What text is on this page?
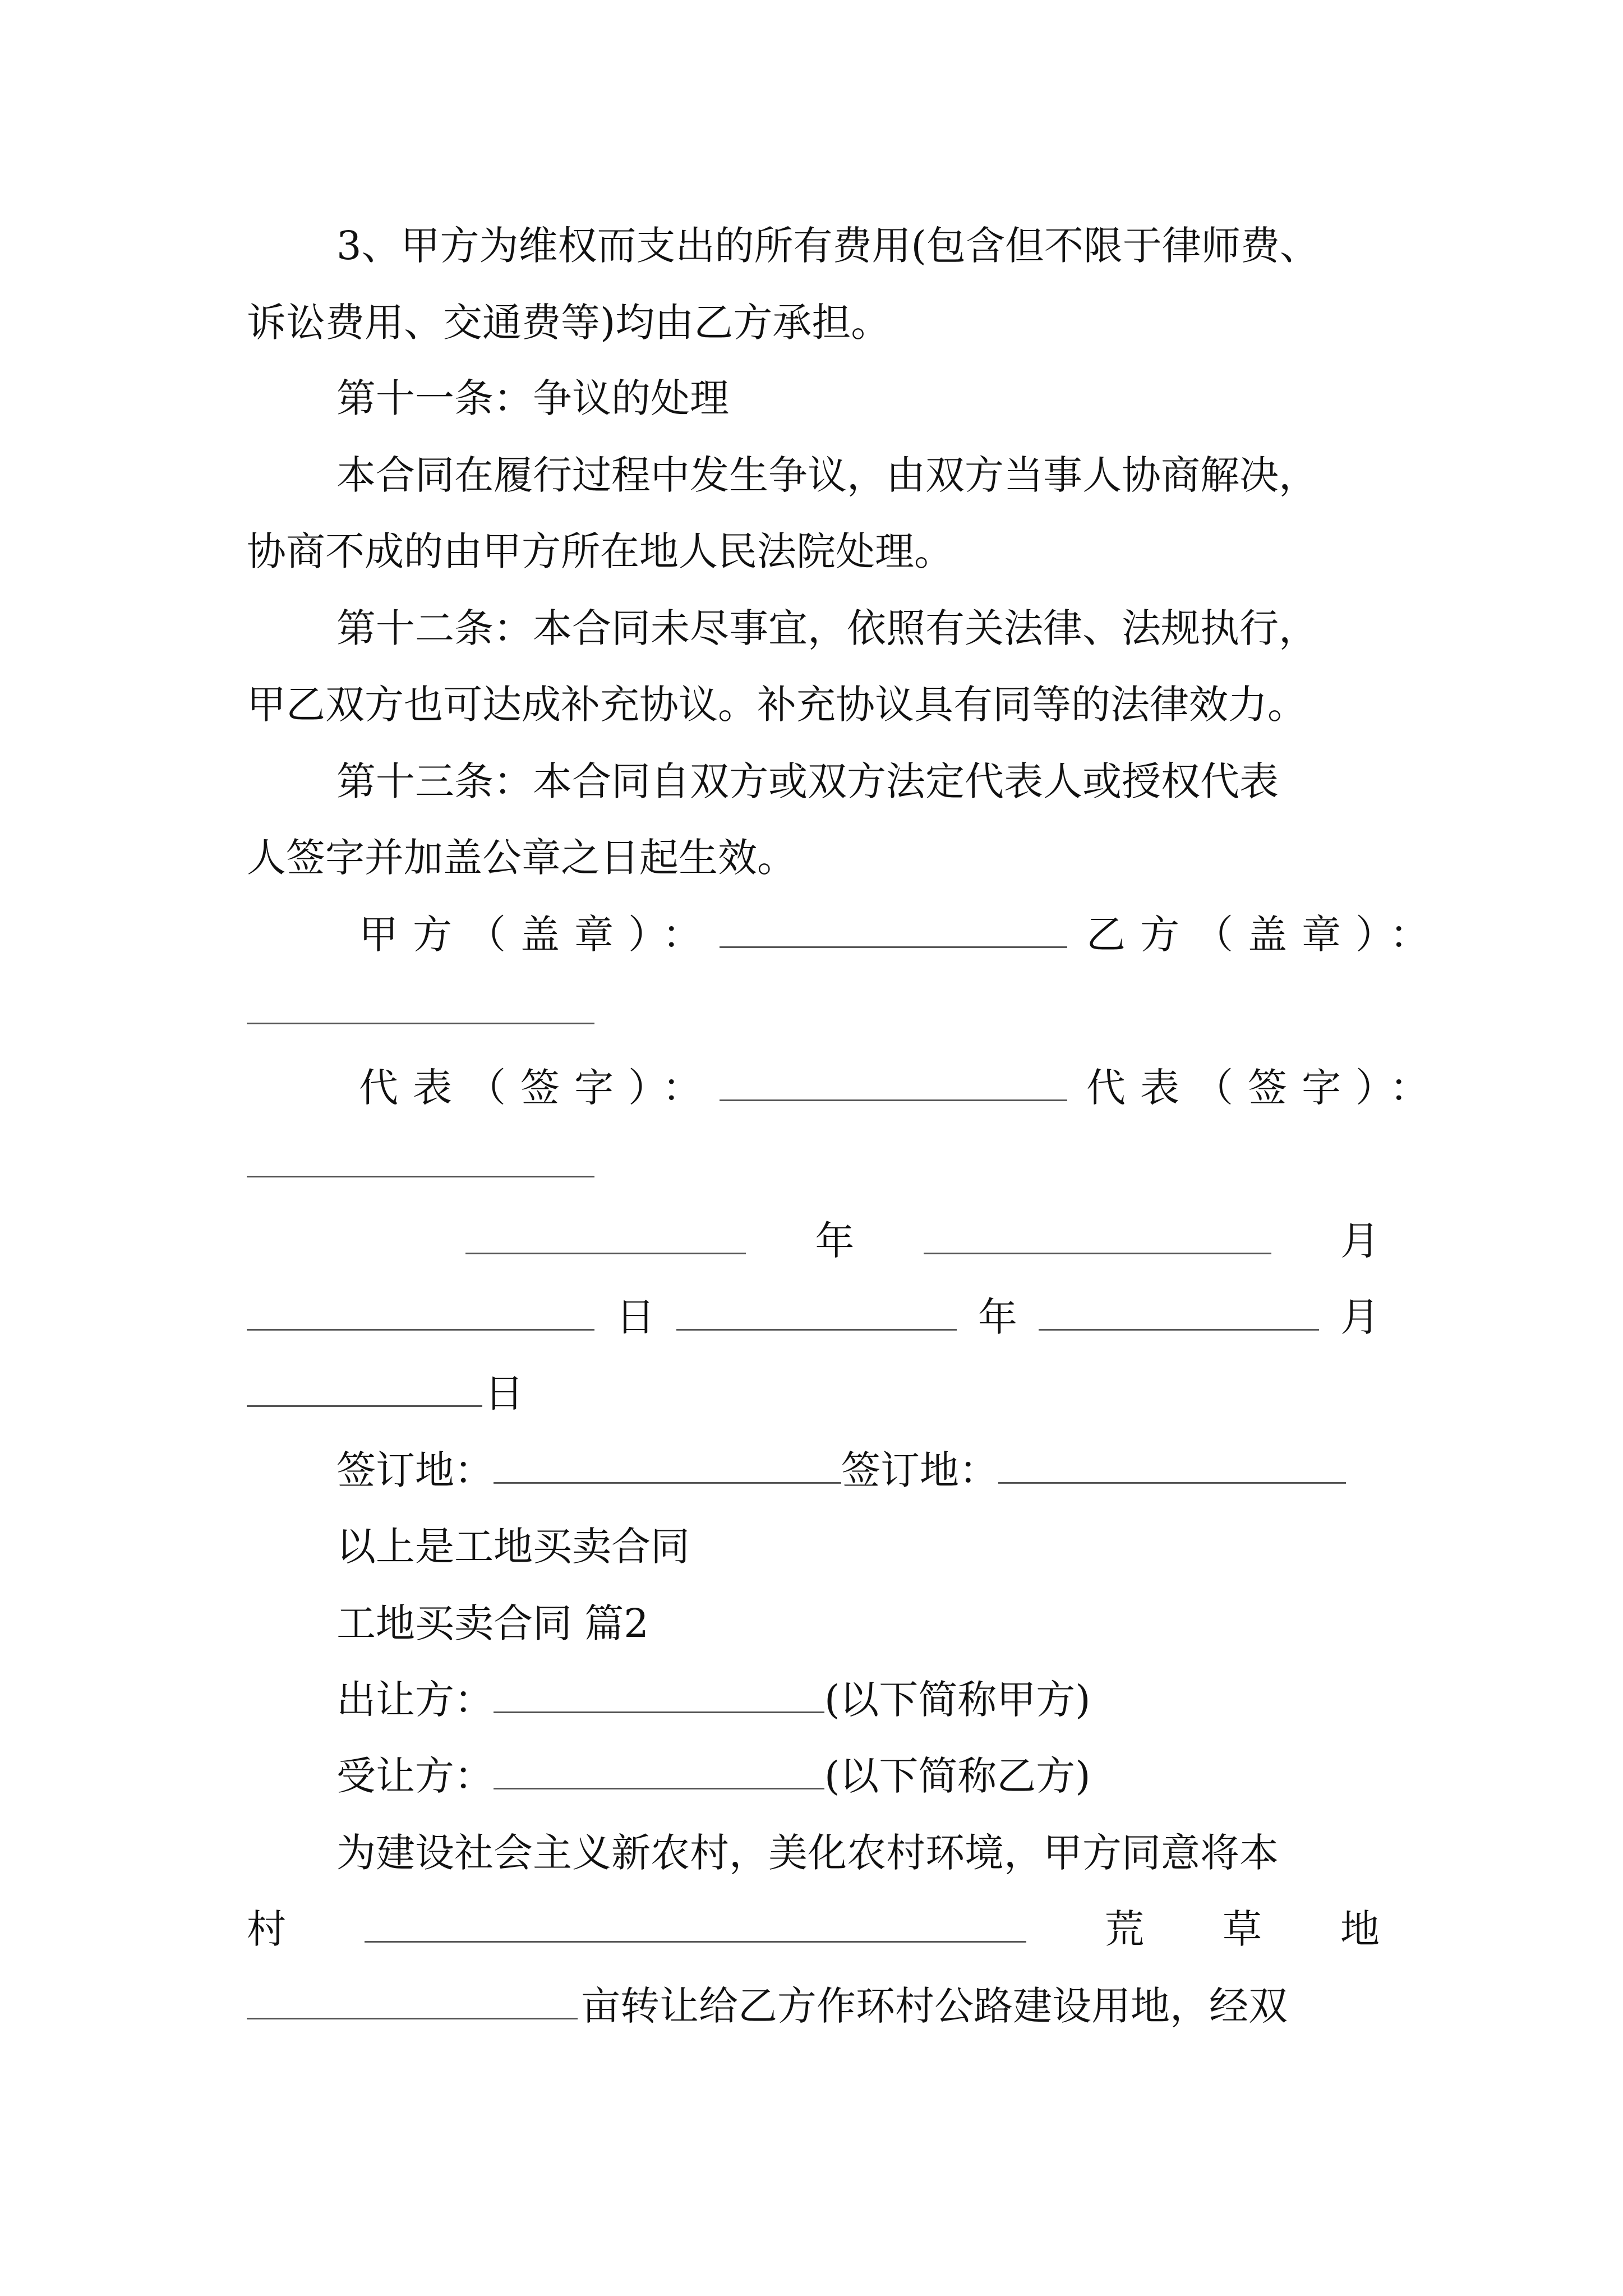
3、甲方为维权而支出的所有费用(包含但不限于律师费、
诉讼费用、交通费等)均由乙方承担。
第十一条：争议的处理
本合同在履行过程中发生争议，由双方当事人协商解决，
协商不成的由甲方所在地人民法院处理。
第十二条：本合同未尽事宜，依照有关法律、法规执行，
甲乙双方也可达成补充协议。补充协议具有同等的法律效力。
第十三条：本合同自双方或双方法定代表人或授权代表
人签字并加盖公章之日起生效。
甲方（盖章）：	乙方（盖章）：
代表（签字）：	代表（签字）：
年	月
日	年	月
日
签订地：	签订地：
以上是工地买卖合同
工地买卖合同 篇2
出让方：	(以下简称甲方)
受让方：	(以下简称乙方)
为建设社会主义新农村，美化农村环境，甲方同意将本
村	荒 草 地
亩转让给乙方作环村公路建设用地，经双
